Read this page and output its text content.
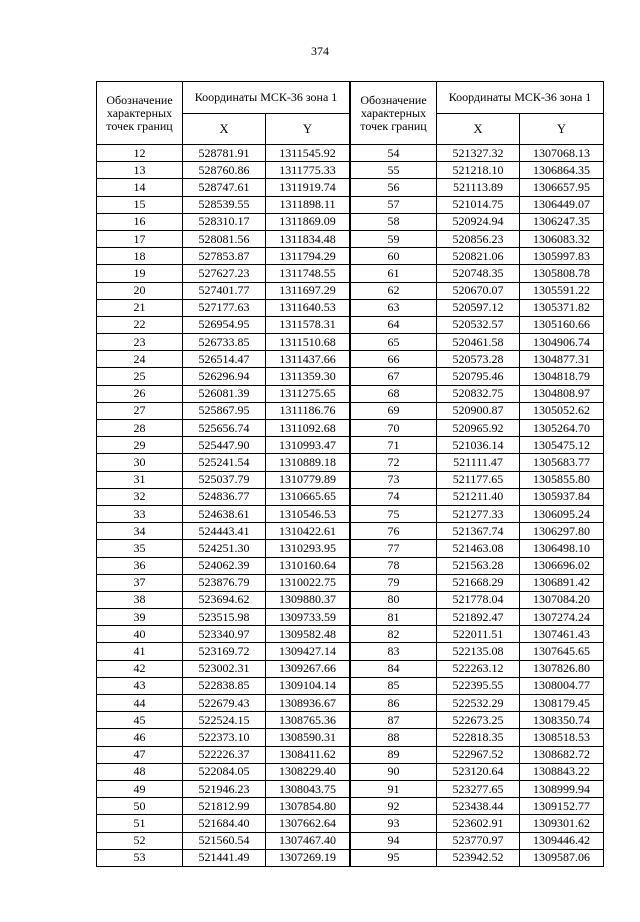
374
Обозначение характерных точек границ	Координаты МСК-36 зона 1	
	X	Y
12	528781.91	1311545.92
13	528760.86	1311775.33
14	528747.61	1311919.74
15	528539.55	1311898.11
16	528310.17	1311869.09
17	528081.56	1311834.48
18	527853.87	1311794.29
19	527627.23	1311748.55
20	527401.77	1311697.29
21	527177.63	1311640.53
22	526954.95	1311578.31
23	526733.85	1311510.68
24	526514.47	1311437.66
25	526296.94	1311359.30
26	526081.39	1311275.65
27	525867.95	1311186.76
28	525656.74	1311092.68
29	525447.90	1310993.47
30	525241.54	1310889.18
31	525037.79	1310779.89
32	524836.77	1310665.65
33	524638.61	1310546.53
34	524443.41	1310422.61
35	524251.30	1310293.95
36	524062.39	1310160.64
37	523876.79	1310022.75
38	523694.62	1309880.37
39	523515.98	1309733.59
40	523340.97	1309582.48
41	523169.72	1309427.14
42	523002.31	1309267.66
43	522838.85	1309104.14
44	522679.43	1308936.67
45	522524.15	1308765.36
46	522373.10	1308590.31
47	522226.37	1308411.62
48	522084.05	1308229.40
49	521946.23	1308043.75
50	521812.99	1307854.80
51	521684.40	1307662.64
52	521560.54	1307467.40
53	521441.49	1307269.19
Обозначение характерных точек границ	Координаты МСК-36 зона 1	
	X	Y
54	521327.32	1307068.13
55	521218.10	1306864.35
56	521113.89	1306657.95
57	521014.75	1306449.07
58	520924.94	1306247.35
59	520856.23	1306083.32
60	520821.06	1305997.83
61	520748.35	1305808.78
62	520670.07	1305591.22
63	520597.12	1305371.82
64	520532.57	1305160.66
65	520461.58	1304906.74
66	520573.28	1304877.31
67	520795.46	1304818.79
68	520832.75	1304808.97
69	520900.87	1305052.62
70	520965.92	1305264.70
71	521036.14	1305475.12
72	521111.47	1305683.77
73	521177.65	1305855.80
74	521211.40	1305937.84
75	521277.33	1306095.24
76	521367.74	1306297.80
77	521463.08	1306498.10
78	521563.28	1306696.02
79	521668.29	1306891.42
80	521778.04	1307084.20
81	521892.47	1307274.24
82	522011.51	1307461.43
83	522135.08	1307645.65
84	522263.12	1307826.80
85	522395.55	1308004.77
86	522532.29	1308179.45
87	522673.25	1308350.74
88	522818.35	1308518.53
89	522967.52	1308682.72
90	523120.64	1308843.22
91	523277.65	1308999.94
92	523438.44	1309152.77
93	523602.91	1309301.62
94	523770.97	1309446.42
95	523942.52	1309587.06
